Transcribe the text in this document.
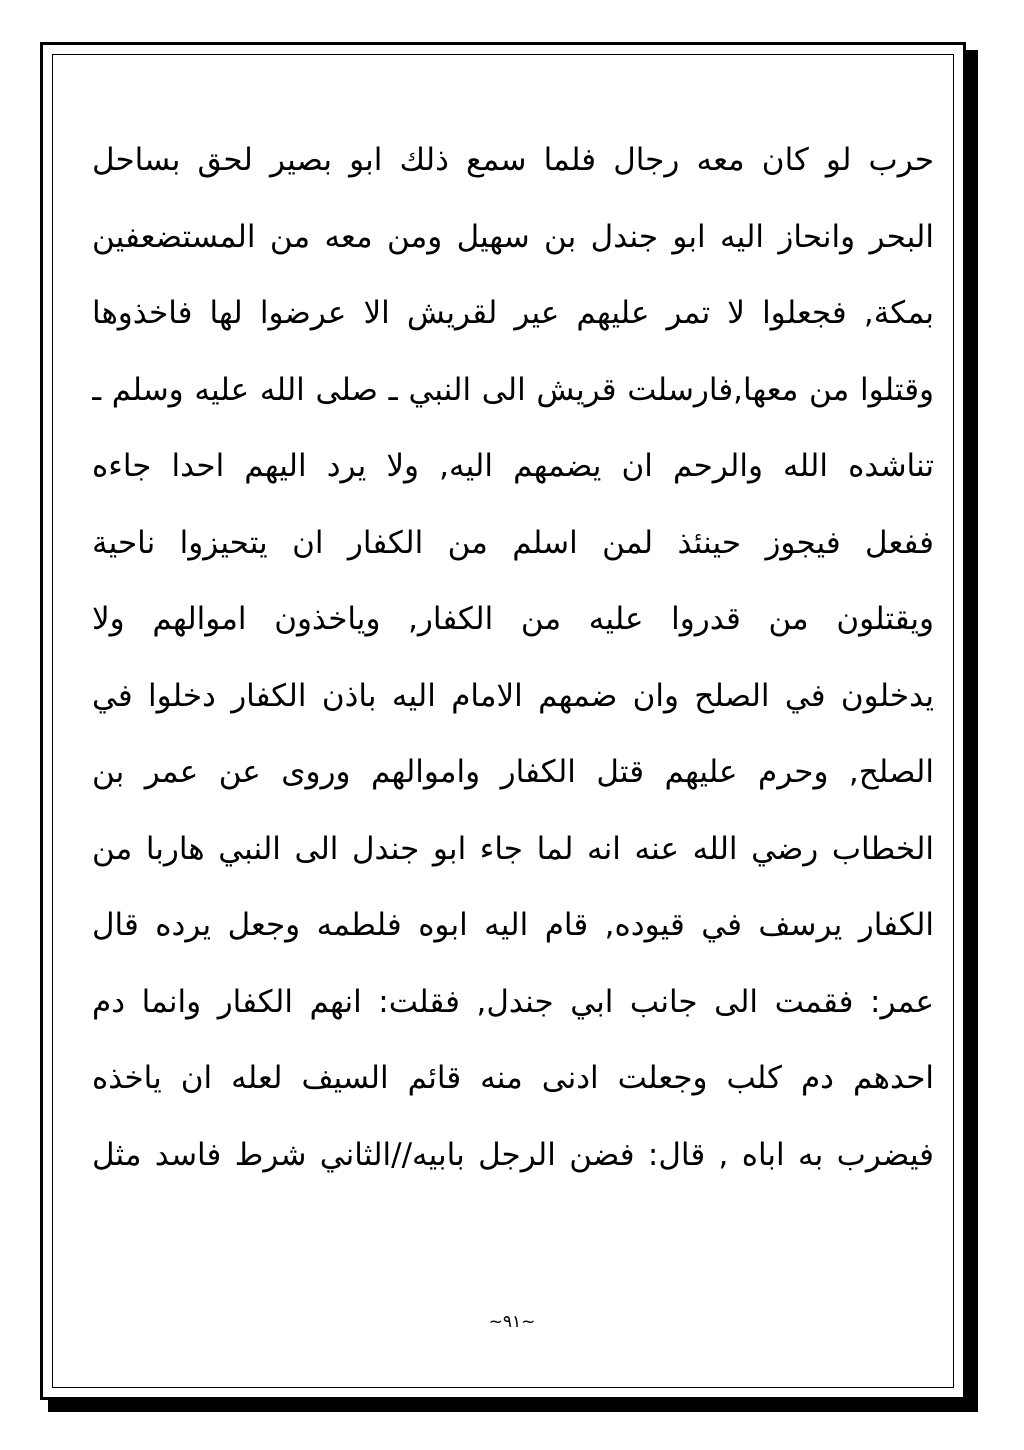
حرب لو كان معه رجال فلما سمع ذلك ابو بصير لحق بساحل
البحر وانحاز اليه ابو جندل بن سهيل ومن معه من المستضعفين
بمكة, فجعلوا لا تمر عليهم عير لقريش الا عرضوا لها فاخذوها
وقتلوا من معها,فارسلت قريش الى النبي ـ صلى الله عليه وسلم ـ
تناشده الله والرحم ان يضمهم اليه, ولا يرد اليهم احدا جاءه
ففعل فيجوز حينئذ لمن اسلم من الكفار ان يتحيزوا ناحية
ويقتلون من قدروا عليه من الكفار, وياخذون اموالهم ولا
يدخلون في الصلح وان ضمهم الامام اليه باذن الكفار دخلوا في
الصلح, وحرم عليهم قتل الكفار واموالهم وروى عن عمر بن
الخطاب رضي الله عنه انه لما جاء ابو جندل الى النبي هاربا من
الكفار يرسف في قيوده, قام اليه ابوه فلطمه وجعل يرده قال
عمر: فقمت الى جانب ابي جندل, فقلت: انهم الكفار وانما دم
احدهم دم كلب وجعلت ادنى منه قائم السيف لعله ان ياخذه
فيضرب به اباه , قال: فضن الرجل بابيه//الثاني شرط فاسد مثل
~٩١~
